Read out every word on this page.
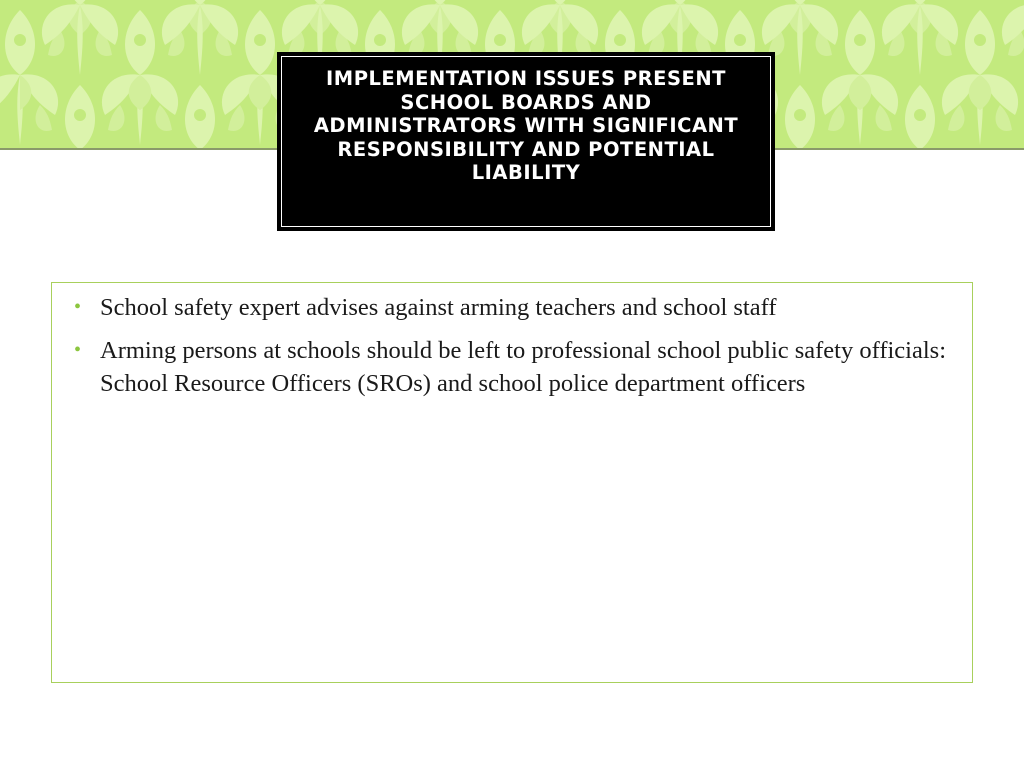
IMPLEMENTATION ISSUES PRESENT SCHOOL BOARDS AND ADMINISTRATORS WITH SIGNIFICANT RESPONSIBILITY AND POTENTIAL LIABILITY
• School safety expert advises against arming teachers and school staff
• Arming persons at schools should be left to professional school public safety officials: School Resource Officers (SROs) and school police department officers
